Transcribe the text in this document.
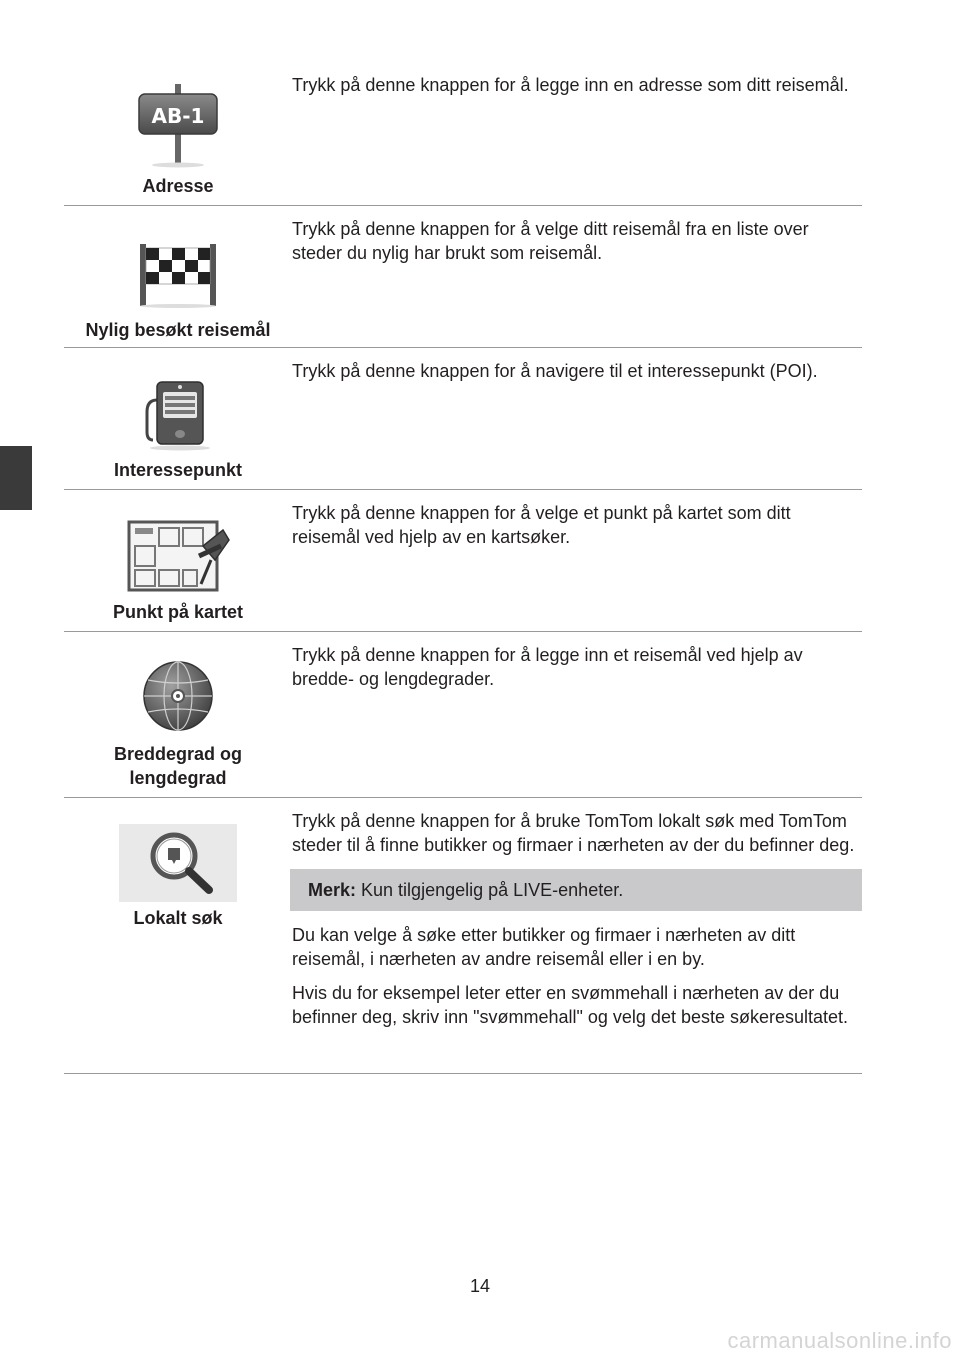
AB-1
Adresse

Trykk på denne knappen for å legge inn en adresse som ditt reisemål.

Nylig besøkt reisemål

Trykk på denne knappen for å velge ditt reisemål fra en liste over steder du nylig har brukt som reisemål.

Interessepunkt

Trykk på denne knappen for å navigere til et interessepunkt (POI).

Punkt på kartet

Trykk på denne knappen for å velge et punkt på kartet som ditt reisemål ved hjelp av en kartsøker.

Breddegrad og lengdegrad

Trykk på denne knappen for å legge inn et reisemål ved hjelp av bredde- og lengdegrader.

Lokalt søk

Trykk på denne knappen for å bruke TomTom lokalt søk med TomTom steder til å finne butikker og firmaer i nærheten av der du befinner deg.

Merk: Kun tilgjengelig på LIVE-enheter.

Du kan velge å søke etter butikker og firmaer i nærheten av ditt reisemål, i nærheten av andre reisemål eller i en by.

Hvis du for eksempel leter etter en svømmehall i nærheten av der du befinner deg, skriv inn "svømmehall" og velg det beste søkeresultatet.

14
carmanualsonline.info
